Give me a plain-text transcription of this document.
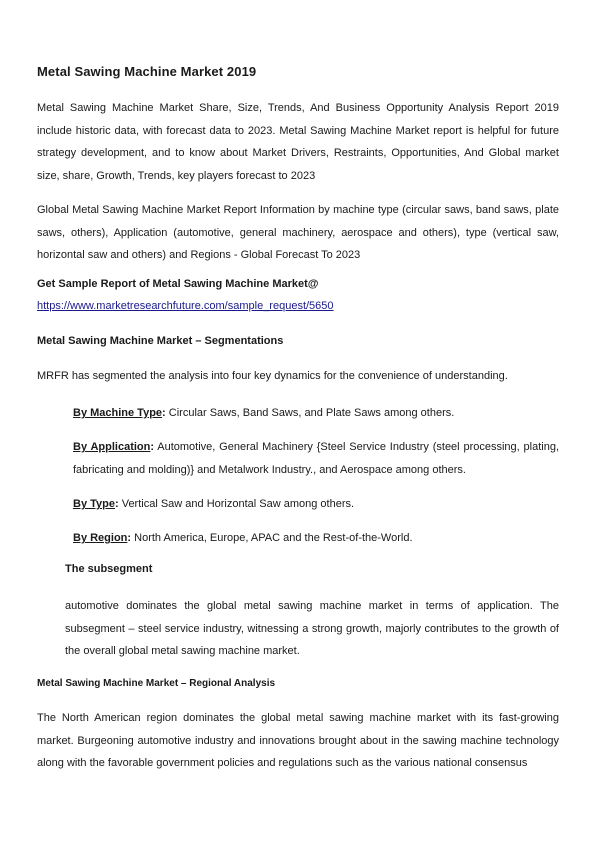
Metal Sawing Machine Market 2019

Metal Sawing Machine Market Share, Size, Trends, And Business Opportunity Analysis Report 2019 include historic data, with forecast data to 2023. Metal Sawing Machine Market report is helpful for future strategy development, and to know about Market Drivers, Restraints, Opportunities, And Global market size, share, Growth, Trends, key players forecast to 2023

Global Metal Sawing Machine Market Report Information by machine type (circular saws, band saws, plate saws, others), Application (automotive, general machinery, aerospace and others), type (vertical saw, horizontal saw and others) and Regions - Global Forecast To 2023

Get Sample Report of Metal Sawing Machine Market@

https://www.marketresearchfuture.com/sample_request/5650

Metal Sawing Machine Market – Segmentations

MRFR has segmented the analysis into four key dynamics for the convenience of understanding.

By Machine Type: Circular Saws, Band Saws, and Plate Saws among others.
By Application: Automotive, General Machinery {Steel Service Industry (steel processing, plating, fabricating and molding)} and Metalwork Industry., and Aerospace among others.
By Type: Vertical Saw and Horizontal Saw among others.
By Region: North America, Europe, APAC and the Rest-of-the-World.

The subsegment

automotive dominates the global metal sawing machine market in terms of application. The subsegment – steel service industry, witnessing a strong growth, majorly contributes to the growth of the overall global metal sawing machine market.

Metal Sawing Machine Market – Regional Analysis

The North American region dominates the global metal sawing machine market with its fast-growing market. Burgeoning automotive industry and innovations brought about in the sawing machine technology along with the favorable government policies and regulations such as the various national consensus
